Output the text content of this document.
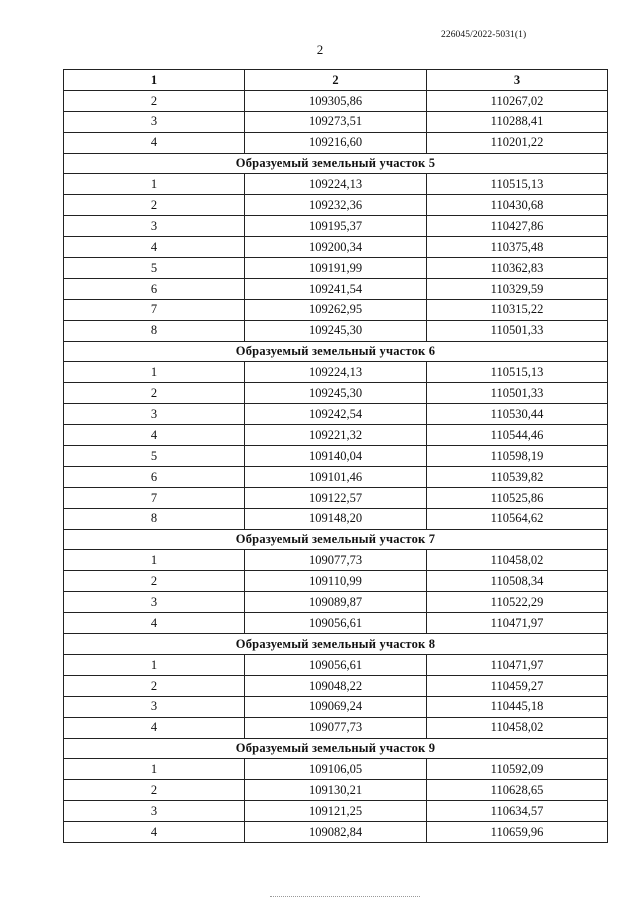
226045/2022-5031(1)
2
1	2	3
2	109305,86	110267,02
3	109273,51	110288,41
4	109216,60	110201,22
Образуемый земельный участок 5		
1	109224,13	110515,13
2	109232,36	110430,68
3	109195,37	110427,86
4	109200,34	110375,48
5	109191,99	110362,83
6	109241,54	110329,59
7	109262,95	110315,22
8	109245,30	110501,33
Образуемый земельный участок 6		
1	109224,13	110515,13
2	109245,30	110501,33
3	109242,54	110530,44
4	109221,32	110544,46
5	109140,04	110598,19
6	109101,46	110539,82
7	109122,57	110525,86
8	109148,20	110564,62
Образуемый земельный участок 7		
1	109077,73	110458,02
2	109110,99	110508,34
3	109089,87	110522,29
4	109056,61	110471,97
Образуемый земельный участок 8		
1	109056,61	110471,97
2	109048,22	110459,27
3	109069,24	110445,18
4	109077,73	110458,02
Образуемый земельный участок 9		
1	109106,05	110592,09
2	109130,21	110628,65
3	109121,25	110634,57
4	109082,84	110659,96
